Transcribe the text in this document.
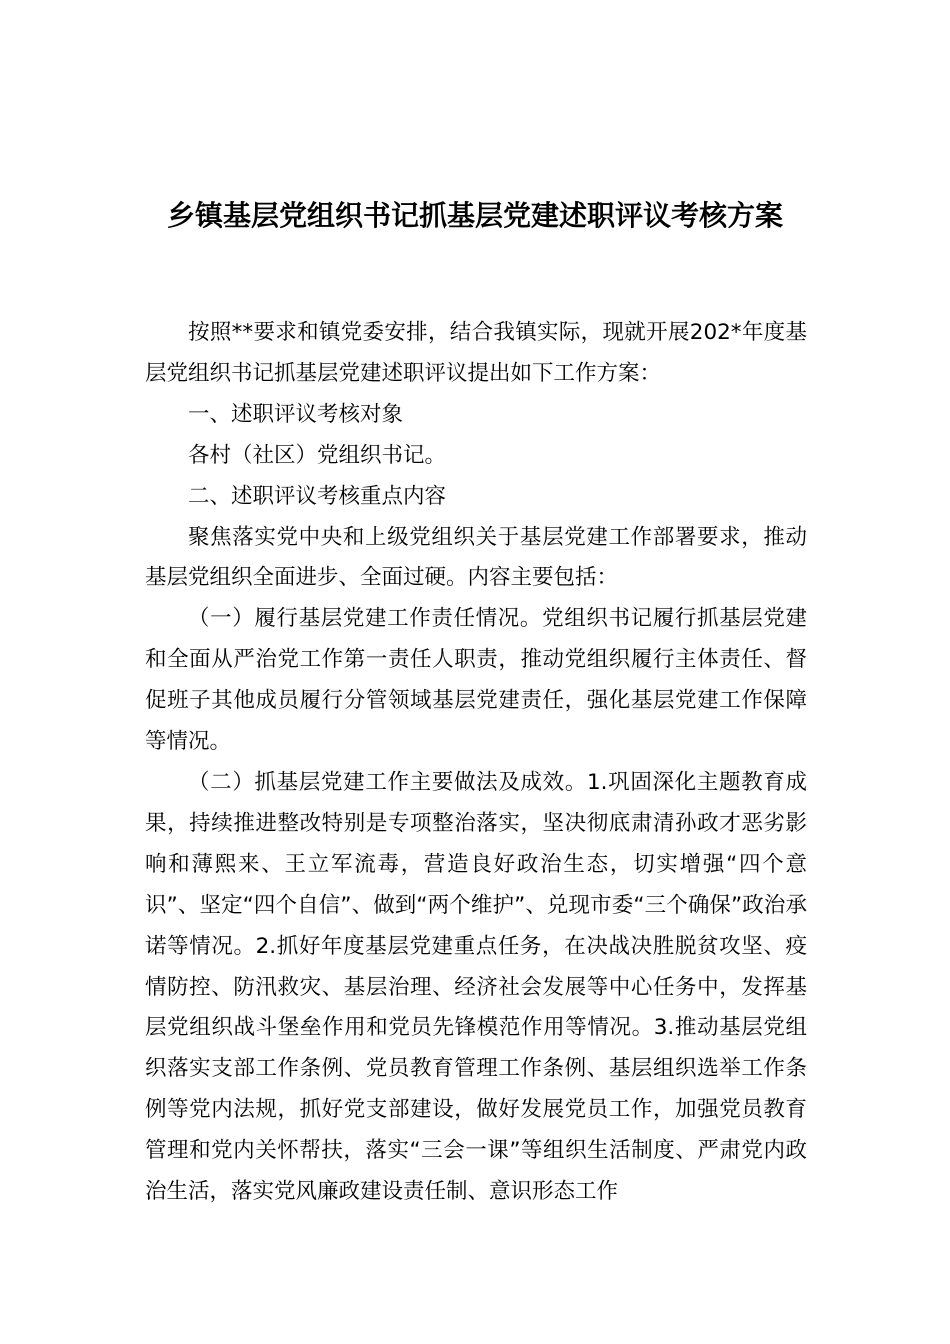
乡镇基层党组织书记抓基层党建述职评议考核方案

按照**要求和镇党委安排，结合我镇实际，现就开展202*年度基层党组织书记抓基层党建述职评议提出如下工作方案：

一、述职评议考核对象

各村（社区）党组织书记。

二、述职评议考核重点内容

聚焦落实党中央和上级党组织关于基层党建工作部署要求，推动基层党组织全面进步、全面过硬。内容主要包括：

（一）履行基层党建工作责任情况。党组织书记履行抓基层党建和全面从严治党工作第一责任人职责，推动党组织履行主体责任、督促班子其他成员履行分管领域基层党建责任，强化基层党建工作保障等情况。

（二）抓基层党建工作主要做法及成效。1.巩固深化主题教育成果，持续推进整改特别是专项整治落实，坚决彻底肃清孙政才恶劣影响和薄熙来、王立军流毒，营造良好政治生态，切实增强“四个意识”、坚定“四个自信”、做到“两个维护”、兑现市委“三个确保”政治承诺等情况。2.抓好年度基层党建重点任务，在决战决胜脱贫攻坚、疫情防控、防汛救灾、基层治理、经济社会发展等中心任务中，发挥基层党组织战斗堡垒作用和党员先锋模范作用等情况。3.推动基层党组织落实支部工作条例、党员教育管理工作条例、基层组织选举工作条例等党内法规，抓好党支部建设，做好发展党员工作，加强党员教育管理和党内关怀帮扶，落实“三会一课”等组织生活制度、严肃党内政治生活，落实党风廉政建设责任制、意识形态工作
